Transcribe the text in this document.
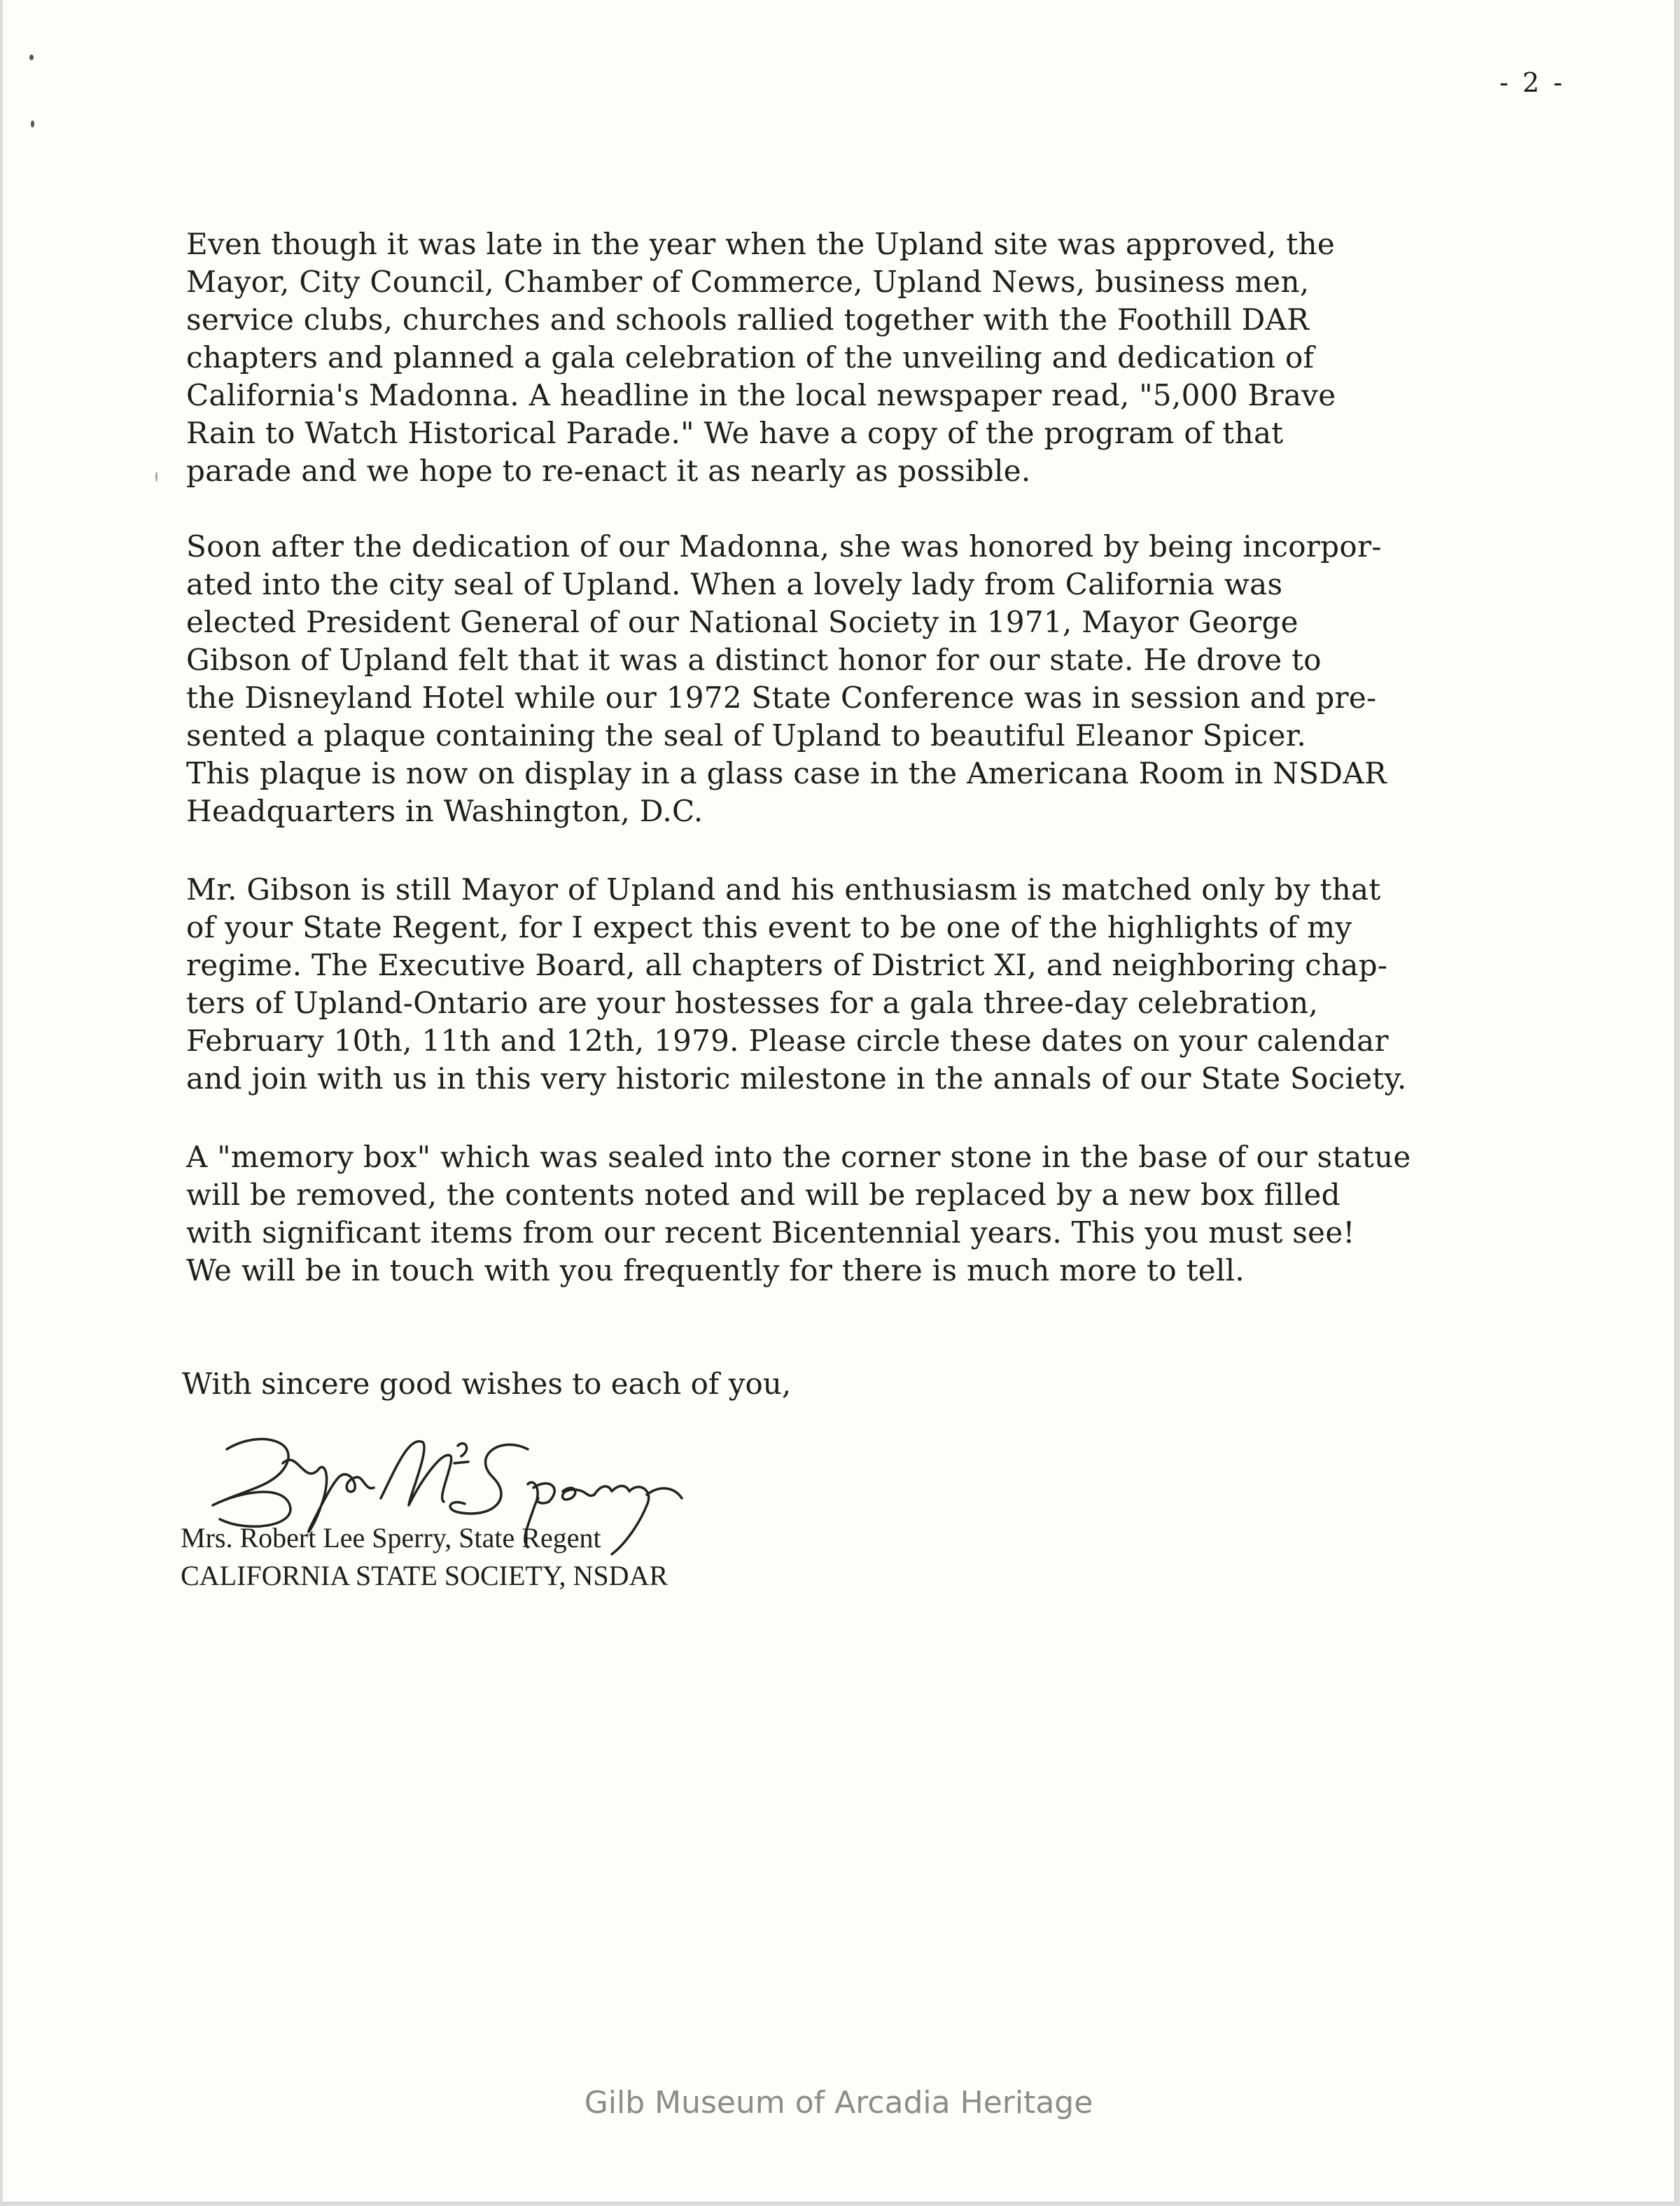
- 2 -

Even though it was late in the year when the Upland site was approved, the
Mayor, City Council, Chamber of Commerce, Upland News, business men,
service clubs, churches and schools rallied together with the Foothill DAR
chapters and planned a gala celebration of the unveiling and dedication of
California's Madonna. A headline in the local newspaper read, "5,000 Brave
Rain to Watch Historical Parade." We have a copy of the program of that
parade and we hope to re-enact it as nearly as possible.

Soon after the dedication of our Madonna, she was honored by being incorpor-
ated into the city seal of Upland. When a lovely lady from California was
elected President General of our National Society in 1971, Mayor George
Gibson of Upland felt that it was a distinct honor for our state. He drove to
the Disneyland Hotel while our 1972 State Conference was in session and pre-
sented a plaque containing the seal of Upland to beautiful Eleanor Spicer.
This plaque is now on display in a glass case in the Americana Room in NSDAR
Headquarters in Washington, D.C.

Mr. Gibson is still Mayor of Upland and his enthusiasm is matched only by that
of your State Regent, for I expect this event to be one of the highlights of my
regime. The Executive Board, all chapters of District XI, and neighboring chap-
ters of Upland-Ontario are your hostesses for a gala three-day celebration,
February 10th, 11th and 12th, 1979. Please circle these dates on your calendar
and join with us in this very historic milestone in the annals of our State Society.

A "memory box" which was sealed into the corner stone in the base of our statue
will be removed, the contents noted and will be replaced by a new box filled
with significant items from our recent Bicentennial years. This you must see!
We will be in touch with you frequently for there is much more to tell.

With sincere good wishes to each of you,
Mrs. Robert Lee Sperry, State Regent
CALIFORNIA STATE SOCIETY, NSDAR
Gilb Museum of Arcadia Heritage
